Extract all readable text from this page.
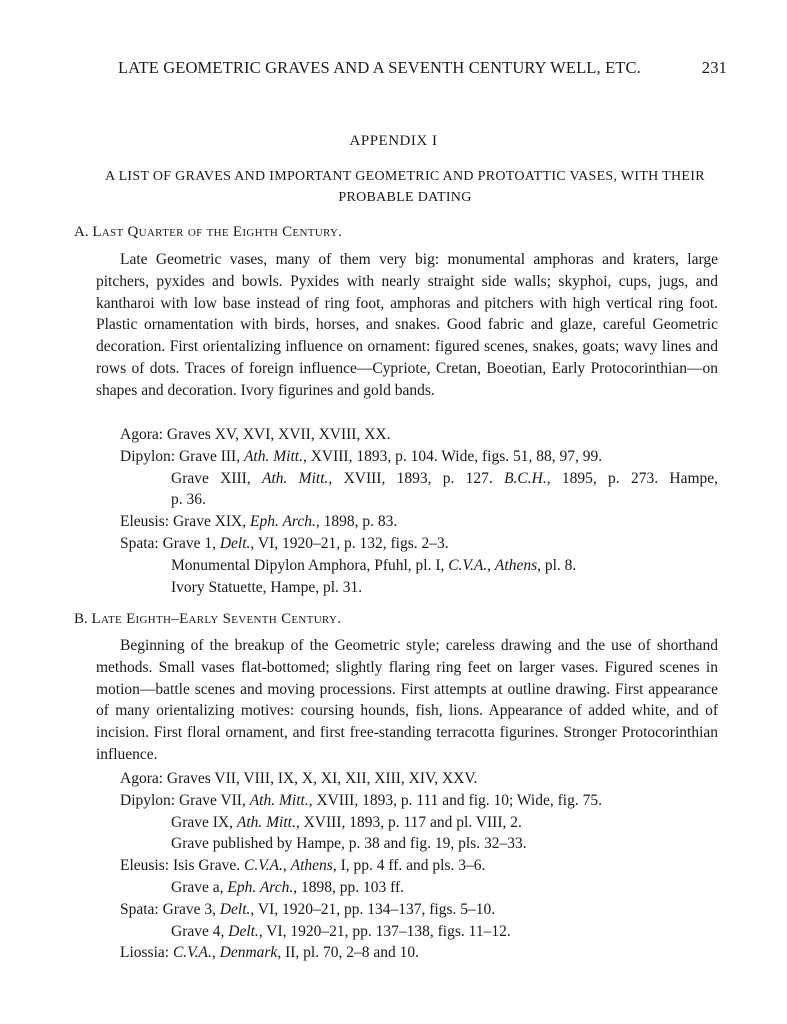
LATE GEOMETRIC GRAVES AND A SEVENTH CENTURY WELL, ETC.	231
APPENDIX I
A LIST OF GRAVES AND IMPORTANT GEOMETRIC AND PROTOATTIC VASES, WITH THEIR
PROBABLE DATING
A. Last Quarter of the Eighth Century.
Late Geometric vases, many of them very big: monumental amphoras and kraters, large pitchers, pyxides and bowls. Pyxides with nearly straight side walls; skyphoi, cups, jugs, and kantharoi with low base instead of ring foot, amphoras and pitchers with high vertical ring foot. Plastic ornamentation with birds, horses, and snakes. Good fabric and glaze, careful Geometric decoration. First orientalizing influence on ornament: figured scenes, snakes, goats; wavy lines and rows of dots. Traces of foreign influence—Cypriote, Cretan, Boeotian, Early Protocorinthian—on shapes and decoration. Ivory figurines and gold bands.
Agora: Graves XV, XVI, XVII, XVIII, XX.
Dipylon: Grave III, Ath. Mitt., XVIII, 1893, p. 104. Wide, figs. 51, 88, 97, 99.
Grave XIII, Ath. Mitt., XVIII, 1893, p. 127. B.C.H., 1895, p. 273. Hampe,
p. 36.
Eleusis: Grave XIX, Eph. Arch., 1898, p. 83.
Spata: Grave 1, Delt., VI, 1920–21, p. 132, figs. 2–3.
Monumental Dipylon Amphora, Pfuhl, pl. I, C.V.A., Athens, pl. 8.
Ivory Statuette, Hampe, pl. 31.
B. Late Eighth–Early Seventh Century.
Beginning of the breakup of the Geometric style; careless drawing and the use of shorthand methods. Small vases flat-bottomed; slightly flaring ring feet on larger vases. Figured scenes in motion—battle scenes and moving processions. First attempts at outline drawing. First appearance of many orientalizing motives: coursing hounds, fish, lions. Appearance of added white, and of incision. First floral ornament, and first free-standing terracotta figurines. Stronger Protocorinthian influence.
Agora: Graves VII, VIII, IX, X, XI, XII, XIII, XIV, XXV.
Dipylon: Grave VII, Ath. Mitt., XVIII, 1893, p. 111 and fig. 10; Wide, fig. 75.
Grave IX, Ath. Mitt., XVIII, 1893, p. 117 and pl. VIII, 2.
Grave published by Hampe, p. 38 and fig. 19, pls. 32–33.
Eleusis: Isis Grave. C.V.A., Athens, I, pp. 4 ff. and pls. 3–6.
Grave a, Eph. Arch., 1898, pp. 103 ff.
Spata: Grave 3, Delt., VI, 1920–21, pp. 134–137, figs. 5–10.
Grave 4, Delt., VI, 1920–21, pp. 137–138, figs. 11–12.
Liossia: C.V.A., Denmark, II, pl. 70, 2–8 and 10.
